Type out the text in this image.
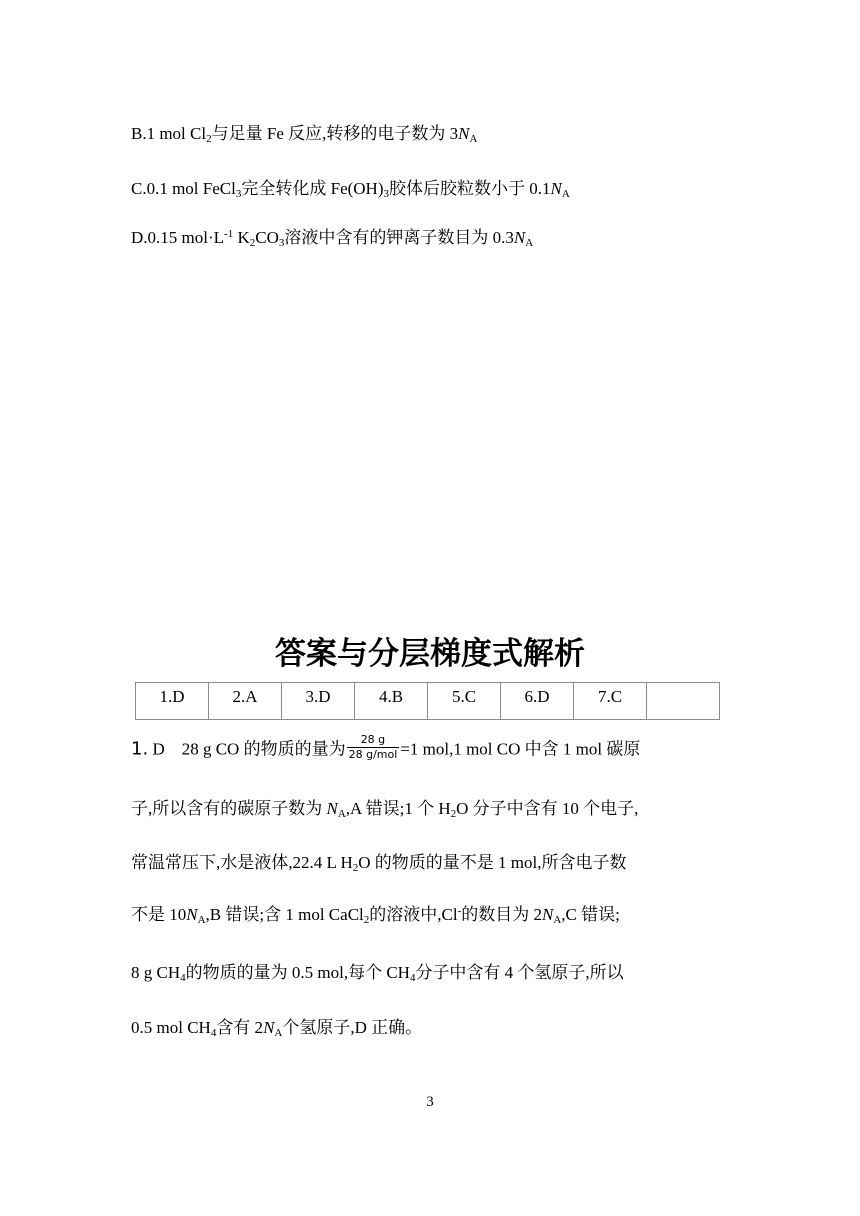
B.1 mol $Cl_2$与足量 Fe 反应,转移的电子数为 $3N_A$
C.0.1 mol FeCl$_3$完全转化成 $Fe(OH)_3$胶体后胶粒数小于 $0.1N_A$
D.0.15 $mol\cdot L^{-1}$ $K_2CO_3$溶液中含有的钾离子数目为 $0.3N_A$
答案与分层梯度式解析
1.D	2.A	3.D	4.B	5.C	6.D	7.C	
1. D　28 g CO 的物质的量为 $\frac{28 g}{\text{28 g/mol}} =1$ mol,1 mol CO 中含 1 mol 碳原
子,所以含有的碳原子数为 $N_A,A$ 错误;1 个 $H_2O$ 分子中含有 10 个电子,
常温常压下,水是液体,22.4 L $H_2O$ 的物质的量不是 1 mol,所含电子数
不是 $10N_A,B$ 错误;含 1 mol CaCl$_2$的溶液中,Cl-的数目为 $2N_A,C$ 错误;
8 g $CH_4$的物质的量为 0.5 mol,每个 $CH_4$分子中含有 4 个氢原子,所以
0.5 mol $CH_4$含有 $2N_A$个氢原子,D 正确。
3
